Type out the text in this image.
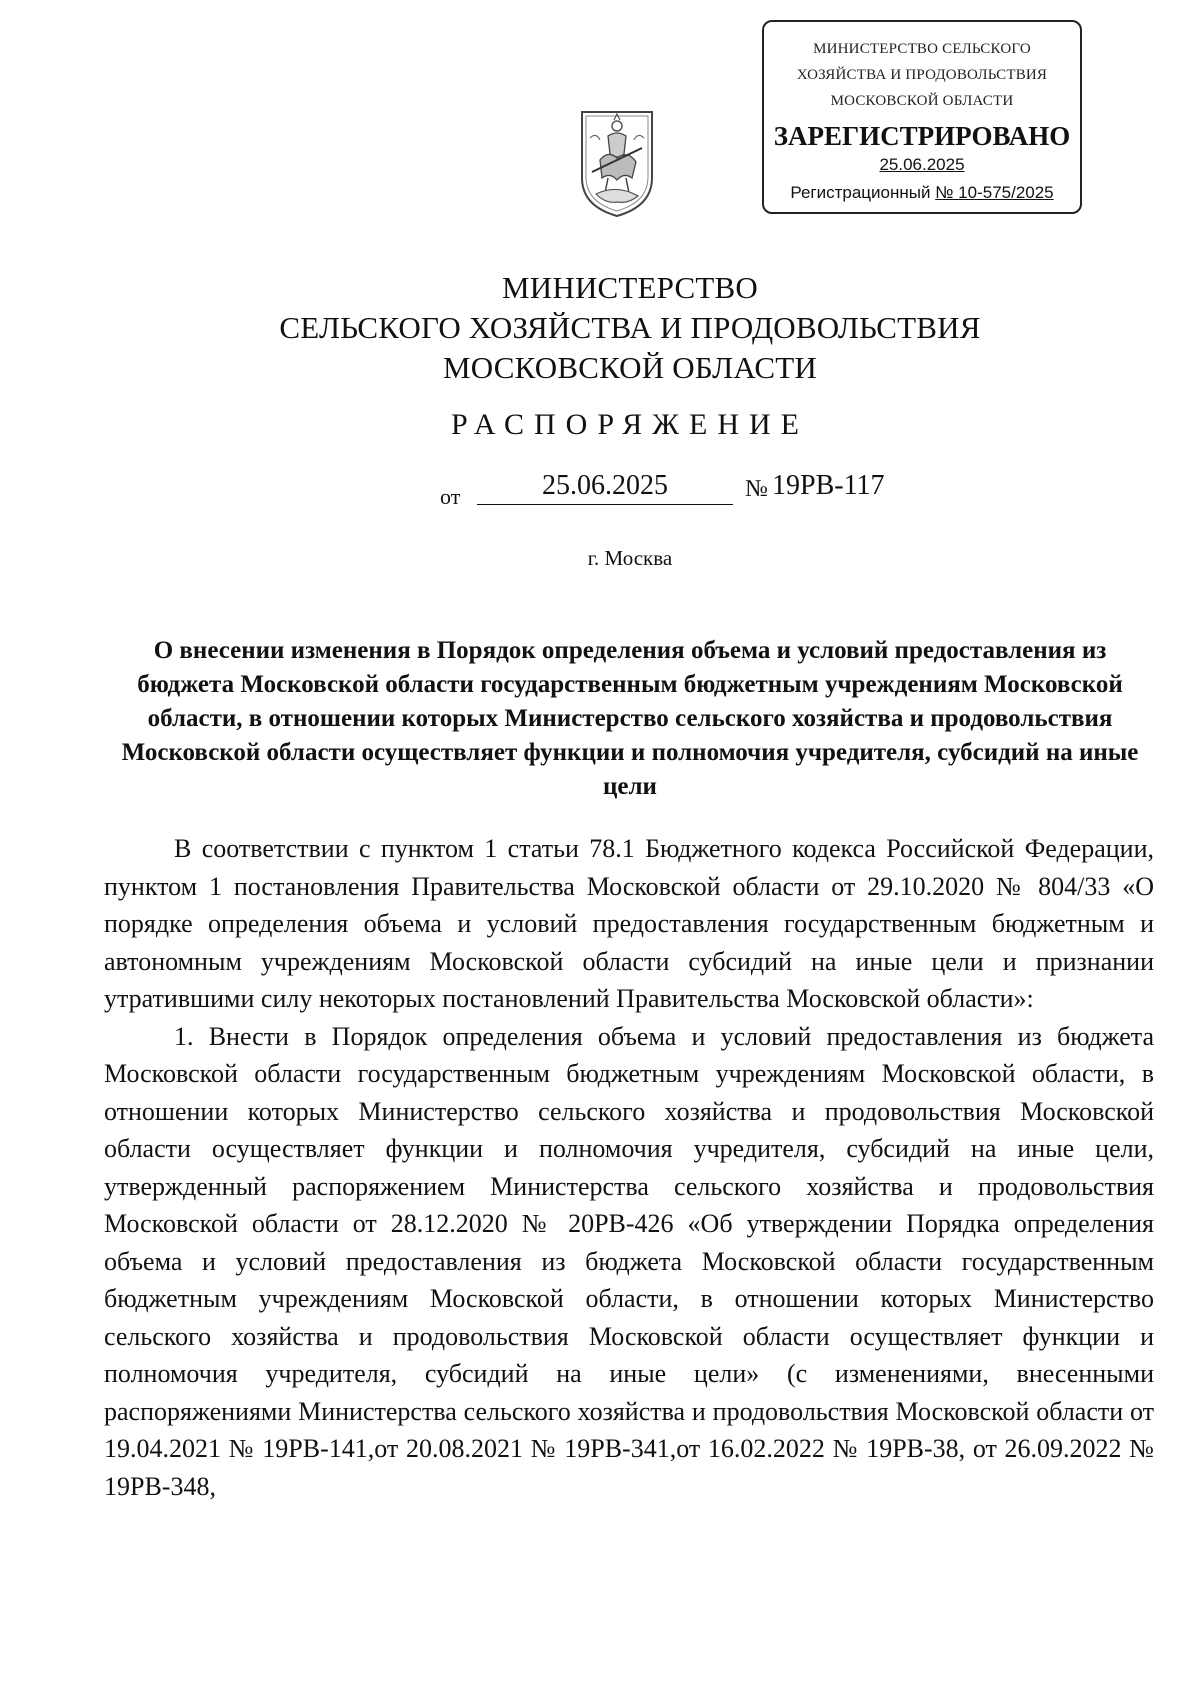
МИНИСТЕРСТВО СЕЛЬСКОГО
ХОЗЯЙСТВА И ПРОДОВОЛЬСТВИЯ
МОСКОВСКОЙ ОБЛАСТИ
ЗАРЕГИСТРИРОВАНО
25.06.2025
Регистрационный № 10-575/2025
МИНИСТЕРСТВО
СЕЛЬСКОГО ХОЗЯЙСТВА И ПРОДОВОЛЬСТВИЯ
МОСКОВСКОЙ ОБЛАСТИ
РАСПОРЯЖЕНИЕ
от	25.06.2025	№ 19РВ-117
г. Москва
О внесении изменения в Порядок определения объема и условий предоставления из бюджета Московской области государственным бюджетным учреждениям Московской области, в отношении которых Министерство сельского хозяйства и продовольствия Московской области осуществляет функции и полномочия учредителя, субсидий на иные цели

В соответствии с пунктом 1 статьи 78.1 Бюджетного кодекса Российской Федерации, пунктом 1 постановления Правительства Московской области от 29.10.2020 № 804/33 «О порядке определения объема и условий предоставления государственным бюджетным и автономным учреждениям Московской области субсидий на иные цели и признании утратившими силу некоторых постановлений Правительства Московской области»:

1. Внести в Порядок определения объема и условий предоставления из бюджета Московской области государственным бюджетным учреждениям Московской области, в отношении которых Министерство сельского хозяйства и продовольствия Московской области осуществляет функции и полномочия учредителя, субсидий на иные цели, утвержденный распоряжением Министерства сельского хозяйства и продовольствия Московской области от 28.12.2020 № 20РВ-426 «Об утверждении Порядка определения объема и условий предоставления из бюджета Московской области государственным бюджетным учреждениям Московской области, в отношении которых Министерство сельского хозяйства и продовольствия Московской области осуществляет функции и полномочия учредителя, субсидий на иные цели» (с изменениями, внесенными распоряжениями Министерства сельского хозяйства и продовольствия Московской области от 19.04.2021 № 19РВ-141,от 20.08.2021 № 19РВ-341,от 16.02.2022 № 19РВ-38, от 26.09.2022 № 19РВ-348,
